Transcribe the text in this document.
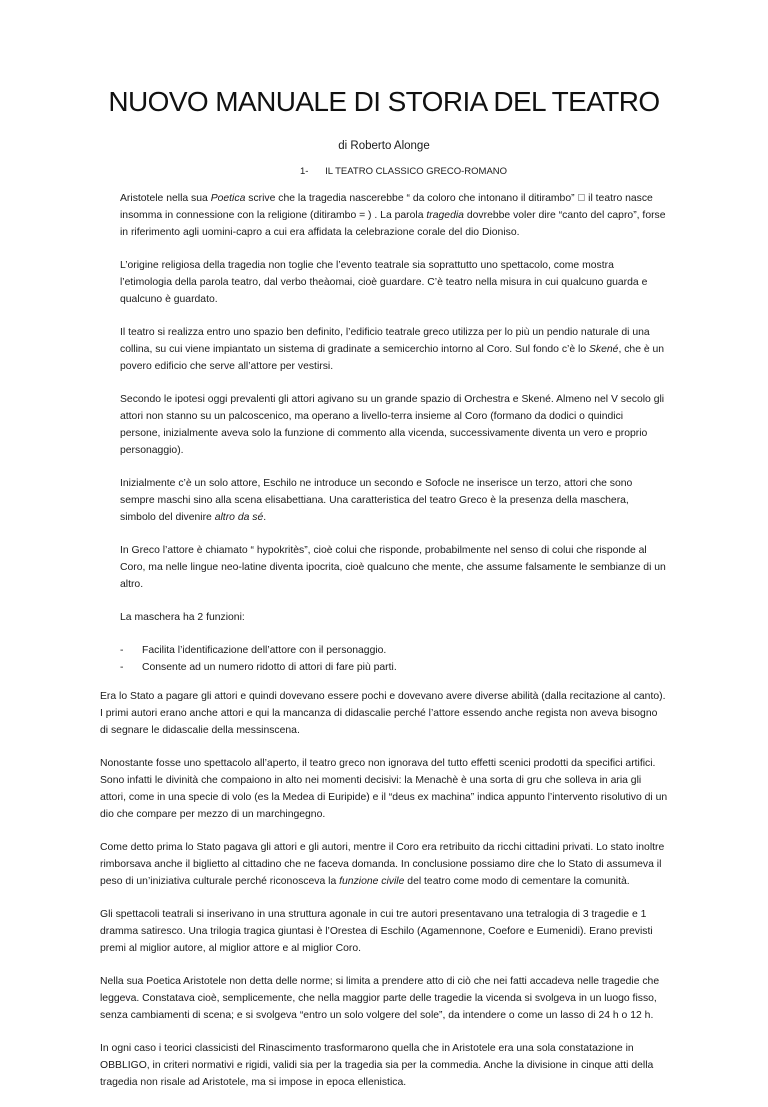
NUOVO MANUALE DI STORIA DEL TEATRO

di Roberto Alonge

1- IL TEATRO CLASSICO GRECO-ROMANO

Aristotele nella sua Poetica scrive che la tragedia nascerebbe “ da coloro che intonano il ditirambo” il teatro nasce insomma in connessione con la religione (ditirambo = ) . La parola tragedia dovrebbe voler dire “canto del capro”, forse in riferimento agli uomini-capro a cui era affidata la celebrazione corale del dio Dioniso.

L’origine religiosa della tragedia non toglie che l’evento teatrale sia soprattutto uno spettacolo, come mostra l’etimologia della parola teatro, dal verbo theàomai, cioè guardare. C’è teatro nella misura in cui qualcuno guarda e qualcuno è guardato.

Il teatro si realizza entro uno spazio ben definito, l’edificio teatrale greco utilizza per lo più un pendio naturale di una collina, su cui viene impiantato un sistema di gradinate a semicerchio intorno al Coro. Sul fondo c’è lo Skené, che è un povero edificio che serve all’attore per vestirsi.

Secondo le ipotesi oggi prevalenti gli attori agivano su un grande spazio di Orchestra e Skené. Almeno nel V secolo gli attori non stanno su un palcoscenico, ma operano a livello-terra insieme al Coro (formano da dodici o quindici persone, inizialmente aveva solo la funzione di commento alla vicenda, successivamente diventa un vero e proprio personaggio).

Inizialmente c’è un solo attore, Eschilo ne introduce un secondo e Sofocle ne inserisce un terzo, attori che sono sempre maschi sino alla scena elisabettiana. Una caratteristica del teatro Greco è la presenza della maschera, simbolo del divenire altro da sé.

In Greco l’attore è chiamato “ hypokritès”, cioè colui che risponde, probabilmente nel senso di colui che risponde al Coro, ma nelle lingue neo-latine diventa ipocrita, cioè qualcuno che mente, che assume falsamente le sembianze di un altro.

La maschera ha 2 funzioni:

- Facilita l’identificazione dell’attore con il personaggio.
- Consente ad un numero ridotto di attori di fare più parti.

Era lo Stato a pagare gli attori e quindi dovevano essere pochi e dovevano avere diverse abilità (dalla recitazione al canto). I primi autori erano anche attori e qui la mancanza di didascalie perché l’attore essendo anche regista non aveva bisogno di segnare le didascalie della messinscena.

Nonostante fosse uno spettacolo all’aperto, il teatro greco non ignorava del tutto effetti scenici prodotti da specifici artifici. Sono infatti le divinità che compaiono in alto nei momenti decisivi: la Menachè è una sorta di gru che solleva in aria gli attori, come in una specie di volo (es la Medea di Euripide) e il “deus ex machina” indica appunto l’intervento risolutivo di un dio che compare per mezzo di un marchingegno.

Come detto prima lo Stato pagava gli attori e gli autori, mentre il Coro era retribuito da ricchi cittadini privati. Lo stato inoltre rimborsava anche il biglietto al cittadino che ne faceva domanda. In conclusione possiamo dire che lo Stato di assumeva il peso di un’iniziativa culturale perché riconosceva la funzione civile del teatro come modo di cementare la comunità.

Gli spettacoli teatrali si inserivano in una struttura agonale in cui tre autori presentavano una tetralogia di 3 tragedie e 1 dramma satiresco. Una trilogia tragica giuntasi è l’Orestea di Eschilo (Agamennone, Coefore e Eumenidi). Erano previsti premi al miglior autore, al miglior attore e al miglior Coro.

Nella sua Poetica Aristotele non detta delle norme; si limita a prendere atto di ciò che nei fatti accadeva nelle tragedie che leggeva. Constatava cioè, semplicemente, che nella maggior parte delle tragedie la vicenda si svolgeva in un luogo fisso, senza cambiamenti di scena; e si svolgeva “entro un solo volgere del sole”, da intendere o come un lasso di 24 h o 12 h.

In ogni caso i teorici classicisti del Rinascimento trasformarono quella che in Aristotele era una sola constatazione in OBBLIGO, in criteri normativi e rigidi, validi sia per la tragedia sia per la commedia. Anche la divisione in cinque atti della tragedia non risale ad Aristotele, ma si impose in epoca ellenistica.
